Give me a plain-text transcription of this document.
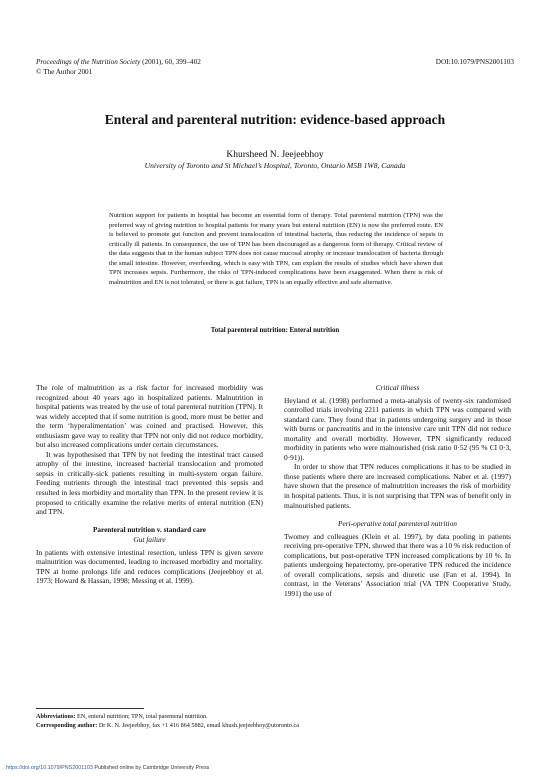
Proceedings of the Nutrition Society (2001), 60, 399–402
© The Author 2001
DOI:10.1079/PNS2001103
Enteral and parenteral nutrition: evidence-based approach
Khursheed N. Jeejeebhoy
University of Toronto and St Michael’s Hospital, Toronto, Ontario M5B 1W8, Canada
Nutrition support for patients in hospital has become an essential form of therapy. Total parenteral nutrition (TPN) was the preferred way of giving nutrition to hospital patients for many years but enteral nutrition (EN) is now the preferred route. EN is believed to promote gut function and prevent translocation of intestinal bacteria, thus reducing the incidence of sepsis in critically ill patients. In consequence, the use of TPN has been discouraged as a dangerous form of therapy. Critical review of the data suggests that in the human subject TPN does not cause mucosal atrophy or increase translocation of bacteria through the small intestine. However, overfeeding, which is easy with TPN, can explain the results of studies which have shown that TPN increases sepsis. Furthermore, the risks of TPN-induced complications have been exaggerated. When there is risk of malnutrition and EN is not tolerated, or there is gut failure, TPN is an equally effective and safe alternative.
Total parenteral nutrition: Enteral nutrition

The role of malnutrition as a risk factor for increased morbidity was recognized about 40 years ago in hospitalized patients. Malnutrition in hospital patients was treated by the use of total parenteral nutrition (TPN). It was widely accepted that if some nutrition is good, more must be better and the term ‘hyperalimentation’ was coined and practised. However, this enthusiasm gave way to reality that TPN not only did not reduce morbidity, but also increased complications under certain circumstances.

It was hypothesised that TPN by not feeding the intestinal tract caused atrophy of the intestine, increased bacterial translocation and promoted sepsis in critically-sick patients resulting in multi-system organ failure. Feeding nutrients through the intestinal tract prevented this sepsis and resulted in less morbidity and mortality than TPN. In the present review it is proposed to critically examine the relative merits of enteral nutrition (EN) and TPN.

Parenteral nutrition v. standard care

Gut failure

In patients with extensive intestinal resection, unless TPN is given severe malnutrition was documented, leading to increased morbidity and mortality. TPN at home prolongs life and reduces complications (Jeejeebhoy et al. 1973; Howard & Hassan, 1998; Messing et al. 1999).

Critical illness

Heyland et al. (1998) performed a meta-analysis of twenty-six randomised controlled trials involving 2211 patients in which TPN was compared with standard care. They found that in patients undergoing surgery and in those with burns or pancreatitis and in the intensive care unit TPN did not reduce mortality and overall morbidity. However, TPN significantly reduced morbidity in patients who were malnourished (risk ratio 0·52 (95 % CI 0·3, 0·91)).

In order to show that TPN reduces complications it has to be studied in those patients where there are increased complications. Naber et al. (1997) have shown that the presence of malnutrition increases the risk of morbidity in hospital patients. Thus, it is not surprising that TPN was of benefit only in malnourished patients.

Peri-operative total parenteral nutrition

Twomey and colleagues (Klein et al. 1997), by data pooling in patients receiving pre-operative TPN, showed that there was a 10 % risk reduction of complications, but post-operative TPN increased complications by 10 %. In patients undergoing hepatectomy, pre-operative TPN reduced the incidence of overall complications, sepsis and diuretic use (Fan et al. 1994). In contrast, in the Veterans’ Association trial (VA TPN Cooperative Study, 1991) the use of

Abbreviations: EN, enteral nutrition; TPN, total parenteral nutrition.
Corresponding author: Dr K. N. Jeejeebhoy, fax +1 416 864 5882, email khush.jeejeebhoy@utoronto.ca
https://doi.org/10.1079/PNS2001103 Published online by Cambridge University Press
